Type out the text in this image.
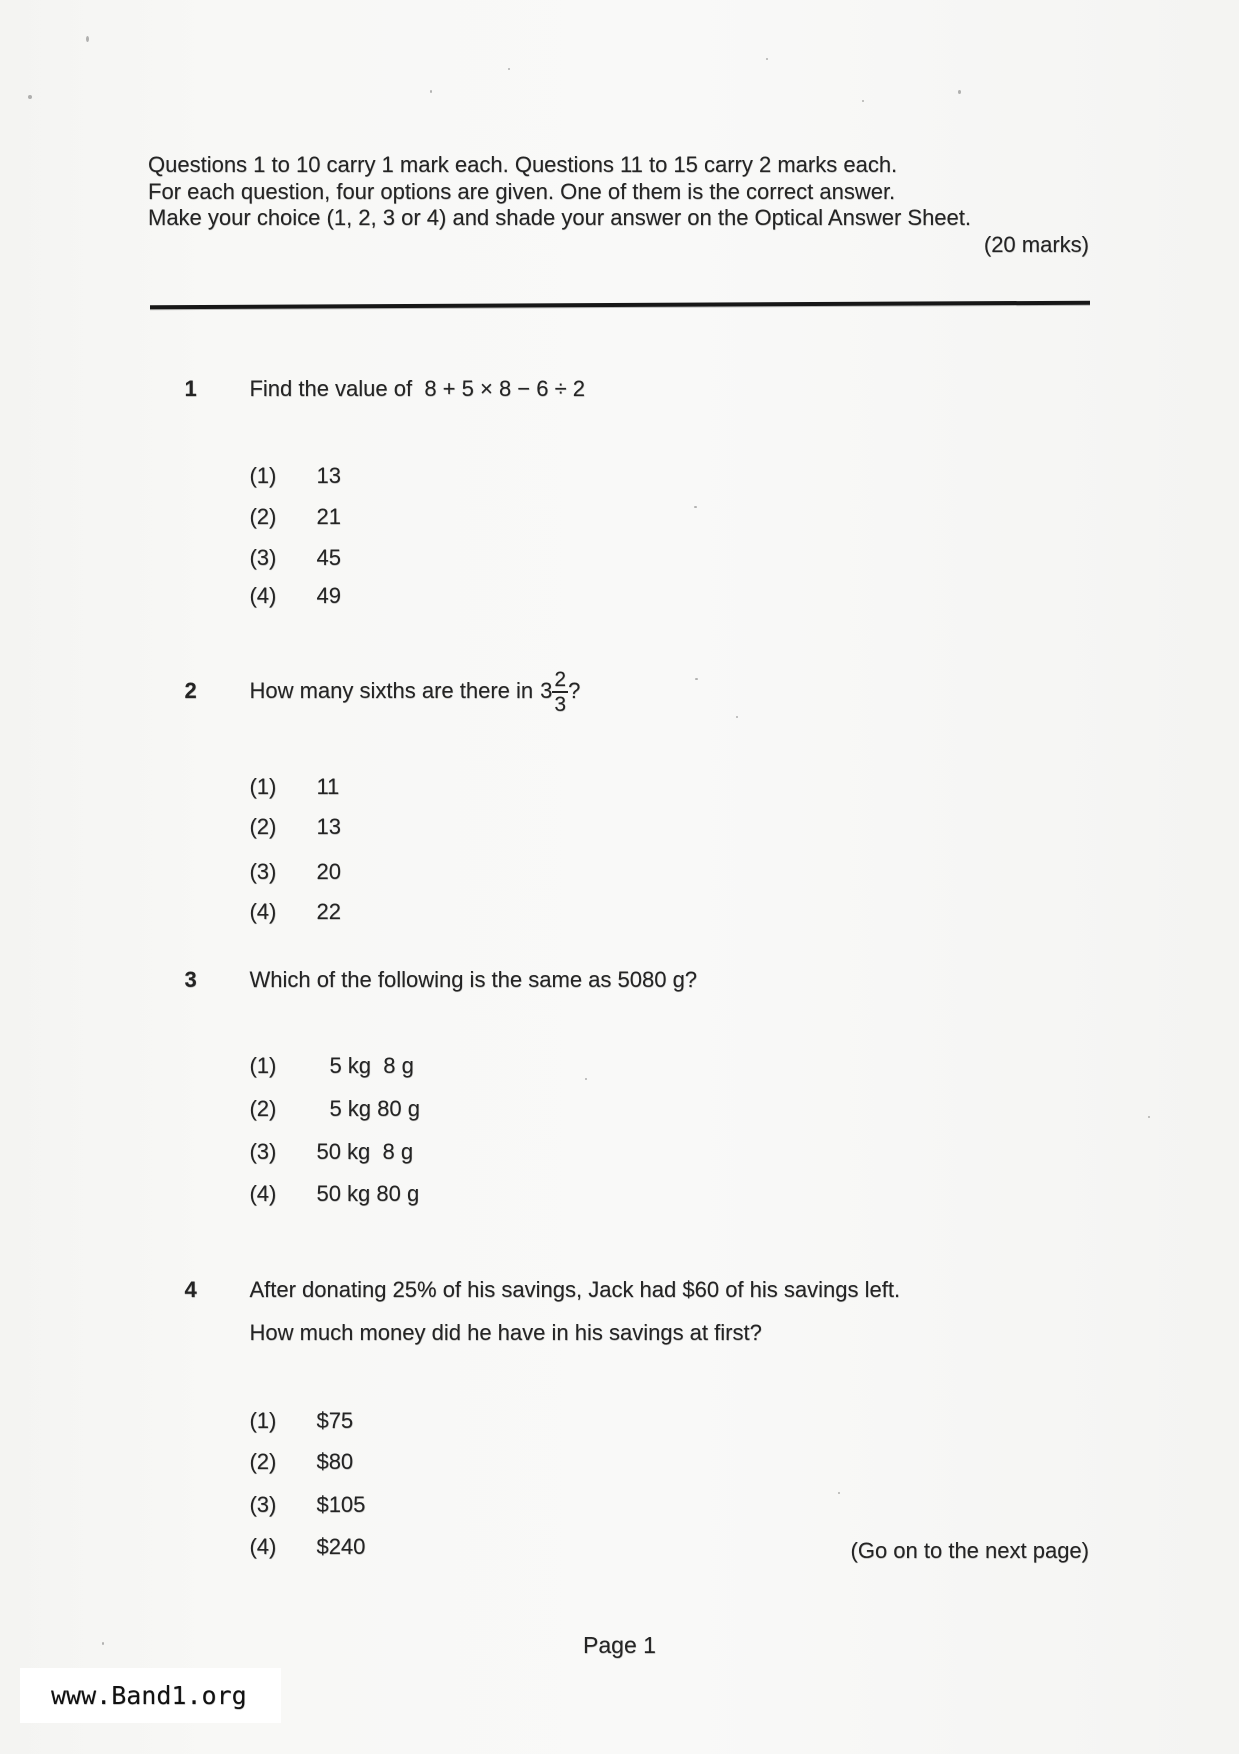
Questions 1 to 10 carry 1 mark each. Questions 11 to 15 carry 2 marks each.
For each question, four options are given. One of them is the correct answer.
Make your choice (1, 2, 3 or 4) and shade your answer on the Optical Answer Sheet.
(20 marks)

1 Find the value of  8 + 5 × 8 − 6 ÷ 2

(1) 13

(2) 21

(3) 45

(4) 49

2 How many sixths are there in $3 \frac{2}{3}$ ?

(1) 11

(2) 13

(3) 20

(4) 22

3 Which of the following is the same as 5080 g?

(1) 5 kg  8 g

(2) 5 kg 80 g

(3) 50 kg  8 g

(4) 50 kg 80 g

4 After donating 25% of his savings, Jack had $60 of his savings left.

How much money did he have in his savings at first?

(1) $75

(2) $80

(3) $105

(4) $240
	(Go on to the next page)
Page 1
www.Band1.org
